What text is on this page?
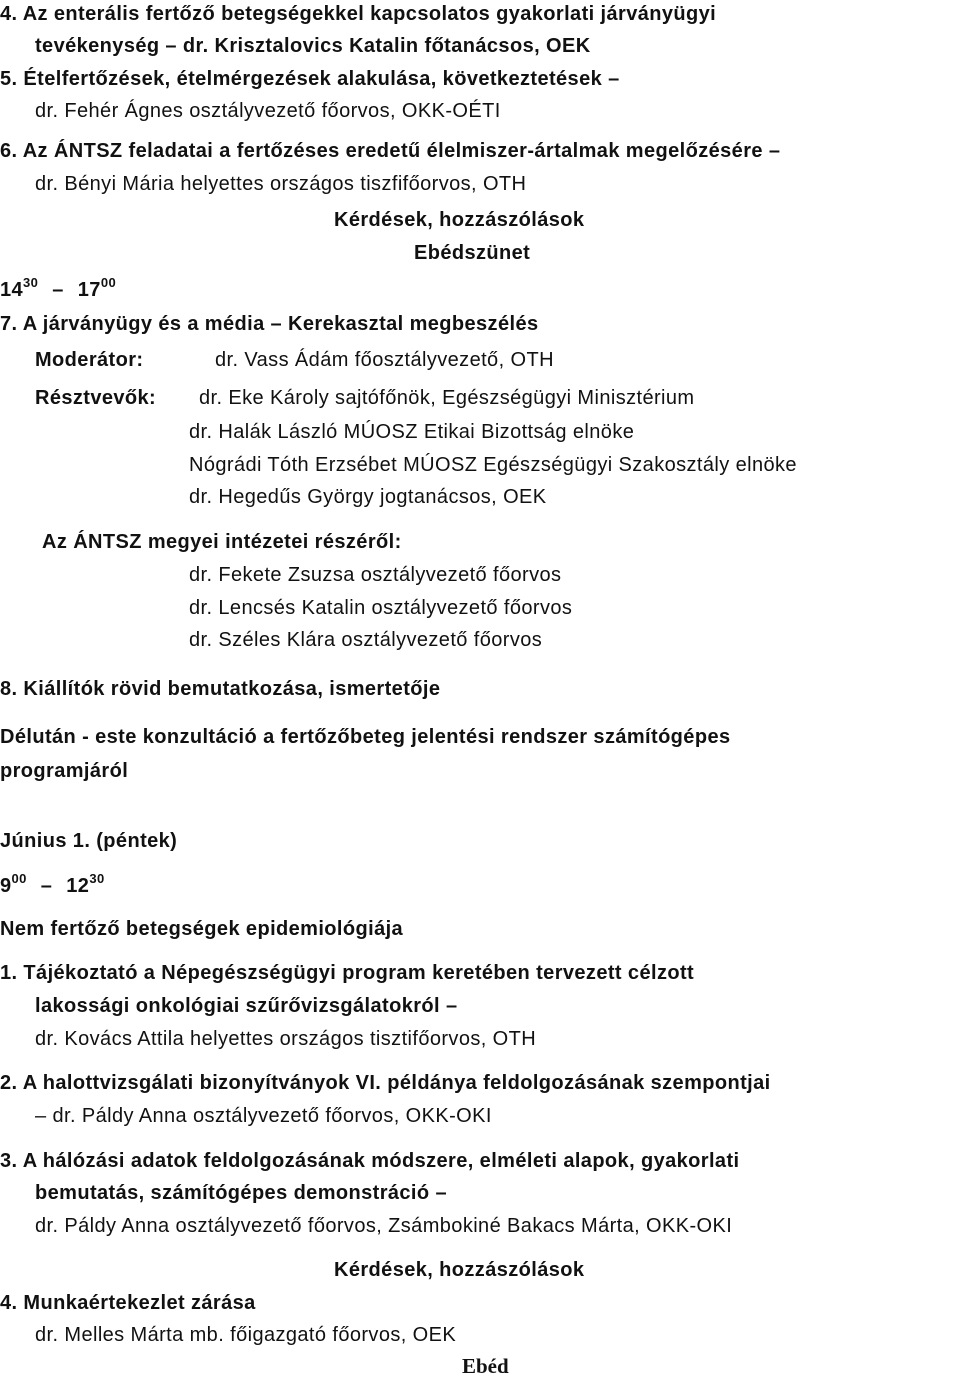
4. Az enterális fertőző betegségekkel kapcsolatos gyakorlati járványügyi
tevékenység – dr. Krisztalovics Katalin főtanácsos, OEK
5. Ételfertőzések, ételmérgezések alakulása, következtetések –
dr. Fehér Ágnes osztályvezető főorvos, OKK-OÉTI
6. Az ÁNTSZ feladatai a fertőzéses eredetű élelmiszer-ártalmak megelőzésére –
dr. Bényi Mária helyettes országos tiszfifőorvos, OTH
Kérdések, hozzászólások
Ebédszünet
$14^{30} - 17^{00}$
7. A járványügy és a média – Kerekasztal megbeszélés
Moderátor:	dr. Vass Ádám főosztályvezető, OTH
Résztvevők: dr. Eke Károly sajtófőnök, Egészségügyi Minisztérium
dr. Halák László MÚOSZ Etikai Bizottság elnöke
Nógrádi Tóth Erzsébet MÚOSZ Egészségügyi Szakosztály elnöke
dr. Hegedűs György jogtanácsos, OEK
Az ÁNTSZ megyei intézetei részéről:
dr. Fekete Zsuzsa osztályvezető főorvos
dr. Lencsés Katalin osztályvezető főorvos
dr. Széles Klára osztályvezető főorvos
8. Kiállítók rövid bemutatkozása, ismertetője
Délután - este konzultáció a fertőzőbeteg jelentési rendszer számítógépes
programjáról
Június 1. (péntek)
$9^{00} - 12^{30}$
Nem fertőző betegségek epidemiológiája
1. Tájékoztató a Népegészségügyi program keretében tervezett célzott
lakossági onkológiai szűrővizsgálatokról –
dr. Kovács Attila helyettes országos tisztifőorvos, OTH
2. A halottvizsgálati bizonyítványok VI. példánya feldolgozásának szempontjai
– dr. Páldy Anna osztályvezető főorvos, OKK-OKI
3. A hálózási adatok feldolgozásának módszere, elméleti alapok, gyakorlati
bemutatás, számítógépes demonstráció –
dr. Páldy Anna osztályvezető főorvos, Zsámbokiné Bakacs Márta, OKK-OKI
Kérdések, hozzászólások
4. Munkaértekezlet zárása
dr. Melles Márta mb. főigazgató főorvos, OEK
Ebéd
